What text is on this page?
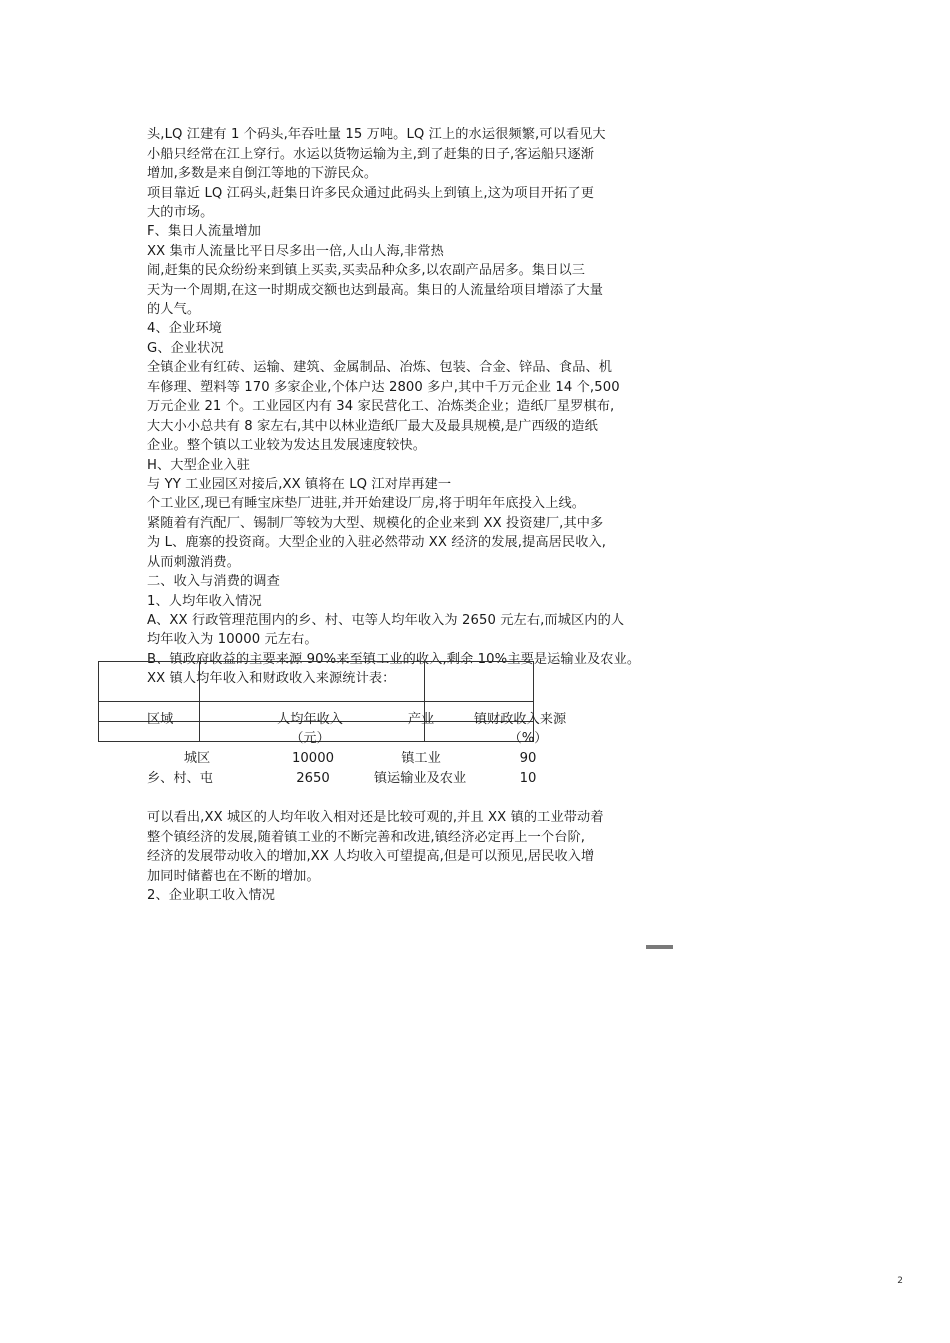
头,LQ 江建有 1 个码头,年吞吐量 15 万吨。LQ 江上的水运很频繁,可以看见大
小船只经常在江上穿行。水运以货物运输为主,到了赶集的日子,客运船只逐渐
增加,多数是来自倒江等地的下游民众。
项目靠近 LQ 江码头,赶集日许多民众通过此码头上到镇上,这为项目开拓了更
大的市场。
F、集日人流量增加
XX 集市人流量比平日尽多出一倍,人山人海,非常热
闹,赶集的民众纷纷来到镇上买卖,买卖品种众多,以农副产品居多。集日以三
天为一个周期,在这一时期成交额也达到最高。集日的人流量给项目增添了大量
的人气。
4、企业环境
G、企业状况
全镇企业有红砖、运输、建筑、金属制品、冶炼、包装、合金、锌品、食品、机
车修理、塑料等 170 多家企业,个体户达 2800 多户,其中千万元企业 14 个,500
万元企业 21 个。工业园区内有 34 家民营化工、冶炼类企业；造纸厂星罗棋布,
大大小小总共有 8 家左右,其中以林业造纸厂最大及最具规模,是广西级的造纸
企业。整个镇以工业较为发达且发展速度较快。
H、大型企业入驻
与 YY 工业园区对接后,XX 镇将在 LQ 江对岸再建一
个工业区,现已有睡宝床垫厂进驻,并开始建设厂房,将于明年年底投入上线。
紧随着有汽配厂、锡制厂等较为大型、规模化的企业来到 XX 投资建厂,其中多
为 L、鹿寨的投资商。大型企业的入驻必然带动 XX 经济的发展,提高居民收入,
从而刺激消费。
二、收入与消费的调查
1、人均年收入情况
A、XX 行政管理范围内的乡、村、屯等人均年收入为 2650 元左右,而城区内的人
均年收入为 10000 元左右。
B、镇政府收益的主要来源 90%来至镇工业的收入,剩余 10%主要是运输业及农业。
XX 镇人均年收入和财政收入来源统计表：
区域	人均年收入	产业	镇财政收入来源
（元）	（%）
城区	10000	镇工业	90
乡、村、屯	2650	镇运输业及农业	10
可以看出,XX 城区的人均年收入相对还是比较可观的,并且 XX 镇的工业带动着
整个镇经济的发展,随着镇工业的不断完善和改进,镇经济必定再上一个台阶,
经济的发展带动收入的增加,XX 人均收入可望提高,但是可以预见,居民收入增
加同时储蓄也在不断的增加。
2、企业职工收入情况
2
